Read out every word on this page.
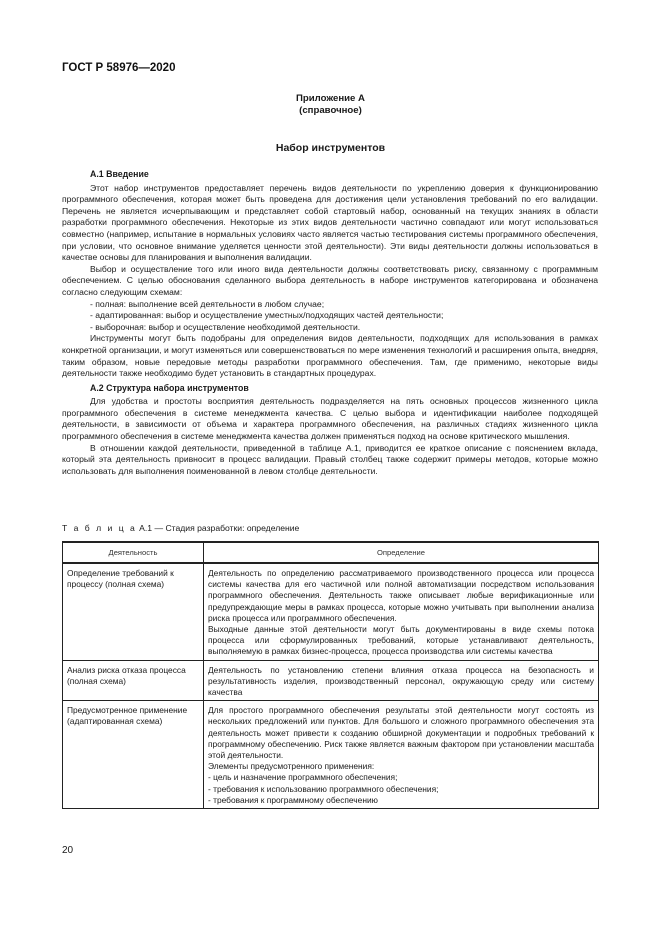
ГОСТ Р 58976—2020
Приложение А
(справочное)
Набор инструментов
А.1 Введение

Этот набор инструментов предоставляет перечень видов деятельности по укреплению доверия к функционированию программного обеспечения, которая может быть проведена для достижения цели установления требований по его валидации. Перечень не является исчерпывающим и представляет собой стартовый набор, основанный на текущих знаниях в области разработки программного обеспечения. Некоторые из этих видов деятельности частично совпадают или могут использоваться совместно (например, испытание в нормальных условиях часто является частью тестирования системы программного обеспечения, при условии, что основное внимание уделяется ценности этой деятельности). Эти виды деятельности должны использоваться в качестве основы для планирования и выполнения валидации.

Выбор и осуществление того или иного вида деятельности должны соответствовать риску, связанному с программным обеспечением. С целью обоснования сделанного выбора деятельность в наборе инструментов категорирована и обозначена согласно следующим схемам:

- полная: выполнение всей деятельности в любом случае;
- адаптированная: выбор и осуществление уместных/подходящих частей деятельности;
- выборочная: выбор и осуществление необходимой деятельности.

Инструменты могут быть подобраны для определения видов деятельности, подходящих для использования в рамках конкретной организации, и могут изменяться или совершенствоваться по мере изменения технологий и расширения опыта, внедряя, таким образом, новые передовые методы разработки программного обеспечения. Там, где применимо, некоторые виды деятельности также необходимо будет установить в стандартных процедурах.

А.2 Структура набора инструментов

Для удобства и простоты восприятия деятельность подразделяется на пять основных процессов жизненного цикла программного обеспечения в системе менеджмента качества. С целью выбора и идентификации наиболее подходящей деятельности, в зависимости от объема и характера программного обеспечения, на различных стадиях жизненного цикла программного обеспечения в системе менеджмента качества должен применяться подход на основе критического мышления.

В отношении каждой деятельности, приведенной в таблице А.1, приводится ее краткое описание с пояснением вклада, который эта деятельность привносит в процесс валидации. Правый столбец также содержит примеры методов, которые можно использовать для выполнения поименованной в левом столбце деятельности.

Т а б л и ц а А.1 — Стадия разработки: определение
Деятельность	Определение
Определение требований к процессу (полная схема)	Деятельность по определению рассматриваемого производственного процесса или процесса системы качества для его частичной или полной автоматизации посредством использования программного обеспечения. Деятельность также описывает любые верификационные или предупреждающие меры в рамках процесса, которые можно учитывать при выполнении анализа риска процесса или программного обеспечения.
Выходные данные этой деятельности могут быть документированы в виде схемы потока процесса или сформулированных требований, которые устанавливают деятельность, выполняемую в рамках бизнес-процесса, процесса производства или системы качества

Анализ риска отказа процесса (полная схема)	Деятельность по установлению степени влияния отказа процесса на безопасность и результативность изделия, производственный персонал, окружающую среду или систему качества

Предусмотренное применение (адаптированная схема)	Для простого программного обеспечения результаты этой деятельности могут состоять из нескольких предложений или пунктов. Для большого и сложного программного обеспечения эта деятельность может привести к созданию обширной документации и подробных требований к программному обеспечению. Риск также является важным фактором при установлении масштаба этой деятельности.
Элементы предусмотренного применения:
- цель и назначение программного обеспечения;
- требования к использованию программного обеспечения;
- требования к программному обеспечению
20
